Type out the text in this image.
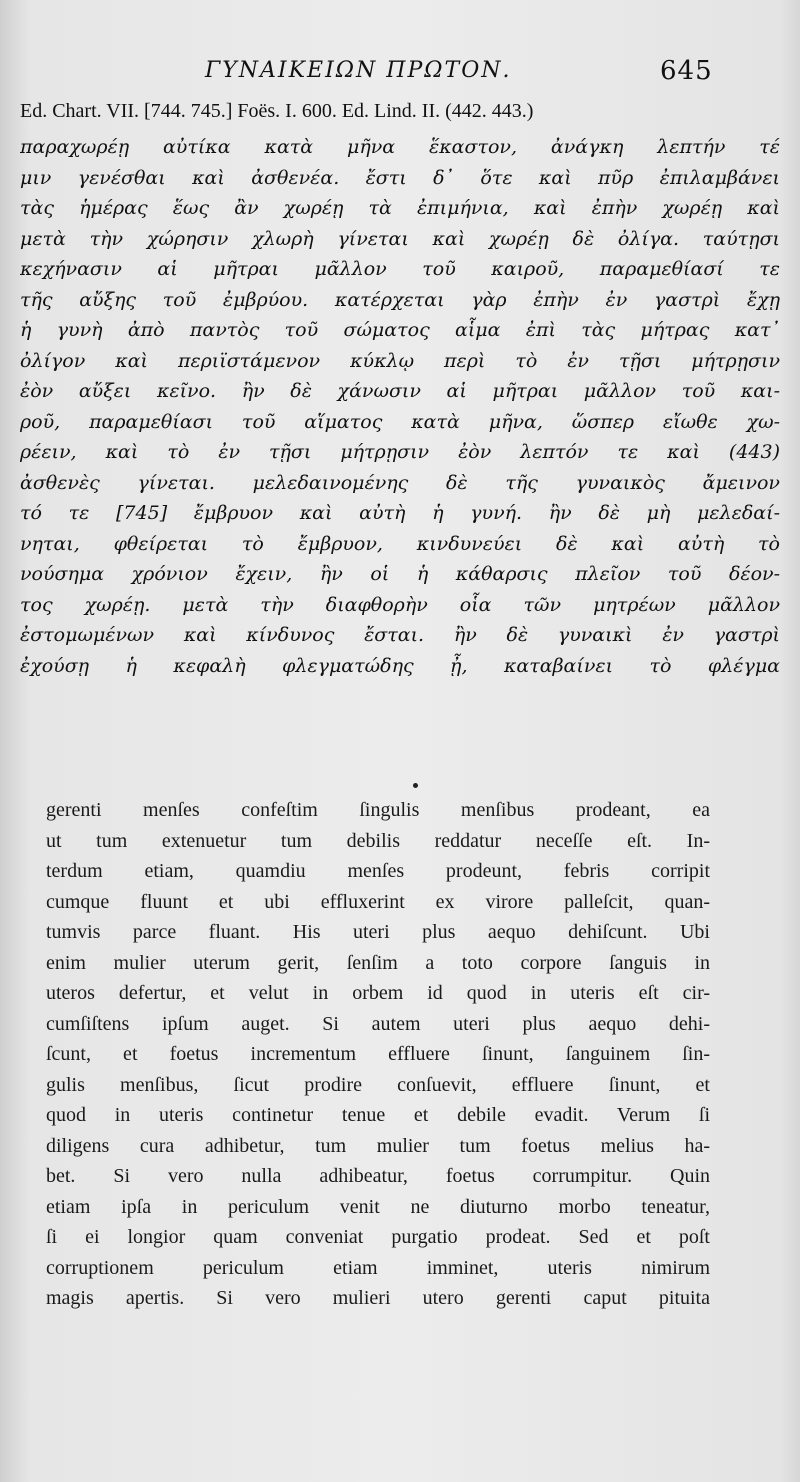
ΓΥΝΑΙΚΕΙΩΝ ΠΡΩΤΟΝ.	645
Ed. Chart. VII. [744. 745.] Foës. I. 600. Ed. Lind. II. (442. 443.)
παραχωρέῃ αὐτίκα κατὰ μῆνα ἕκαστον, ἀνάγκη λεπτήν τέ
μιν γενέσθαι καὶ ἀσθενέα. ἔστι δ᾽ ὅτε καὶ πῦρ ἐπιλαμβάνει
τὰς ἡμέρας ἕως ἂν χωρέῃ τὰ ἐπιμήνια, καὶ ἐπὴν χωρέῃ καὶ
μετὰ τὴν χώρησιν χλωρὴ γίνεται καὶ χωρέῃ δὲ ὀλίγα. ταύτῃσι
κεχήνασιν αἱ μῆτραι μᾶλλον τοῦ καιροῦ, παραμεθίασί τε
τῆς αὔξης τοῦ ἐμβρύου. κατέρχεται γὰρ ἐπὴν ἐν γαστρὶ ἔχῃ
ἡ γυνὴ ἀπὸ παντὸς τοῦ σώματος αἷμα ἐπὶ τὰς μήτρας κατ᾽
ὀλίγον καὶ περιϊστάμενον κύκλῳ περὶ τὸ ἐν τῇσι μήτρῃσιν
ἐὸν αὔξει κεῖνο. ἢν δὲ χάνωσιν αἱ μῆτραι μᾶλλον τοῦ και-
ροῦ, παραμεθίασι τοῦ αἵματος κατὰ μῆνα, ὥσπερ εἴωθε χω-
ρέειν, καὶ τὸ ἐν τῇσι μήτρῃσιν ἐὸν λεπτόν τε καὶ (443)
ἀσθενὲς γίνεται. μελεδαινομένης δὲ τῆς γυναικὸς ἄμεινον
τό τε [745] ἔμβρυον καὶ αὐτὴ ἡ γυνή. ἢν δὲ μὴ μελεδαί-
νηται, φθείρεται τὸ ἔμβρυον, κινδυνεύει δὲ καὶ αὐτὴ τὸ
νούσημα χρόνιον ἔχειν, ἢν οἱ ἡ κάθαρσις πλεῖον τοῦ δέον-
τος χωρέῃ. μετὰ τὴν διαφθορὴν οἷα τῶν μητρέων μᾶλλον
ἐστομωμένων καὶ κίνδυνος ἔσται. ἢν δὲ γυναικὶ ἐν γαστρὶ
ἐχούσῃ ἡ κεφαλὴ φλεγματώδης ᾖ, καταβαίνει τὸ φλέγμα
gerenti menſes confeſtim ſingulis menſibus prodeant, ea
ut tum extenuetur tum debilis reddatur neceſſe eſt. In-
terdum etiam, quamdiu menſes prodeunt, febris corripit
cumque fluunt et ubi effluxerint ex virore palleſcit, quan-
tumvis parce fluant. His uteri plus aequo dehiſcunt. Ubi
enim mulier uterum gerit, ſenſim a toto corpore ſanguis in
uteros defertur, et velut in orbem id quod in uteris eſt cir-
cumſiſtens ipſum auget. Si autem uteri plus aequo dehi-
ſcunt, et foetus incrementum effluere ſinunt, ſanguinem ſin-
gulis menſibus, ſicut prodire conſuevit, effluere ſinunt, et
quod in uteris continetur tenue et debile evadit. Verum ſi
diligens cura adhibetur, tum mulier tum foetus melius ha-
bet. Si vero nulla adhibeatur, foetus corrumpitur. Quin
etiam ipſa in periculum venit ne diuturno morbo teneatur,
ſi ei longior quam conveniat purgatio prodeat. Sed et poſt
corruptionem periculum etiam imminet, uteris nimirum
magis apertis. Si vero mulieri utero gerenti caput pituita
